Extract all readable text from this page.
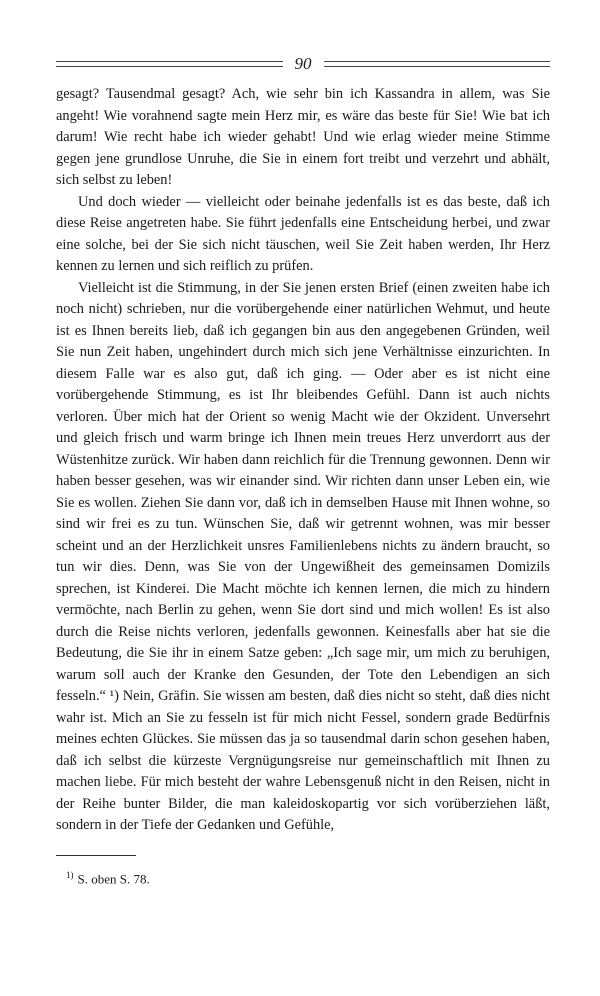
90

gesagt? Tausendmal gesagt? Ach, wie sehr bin ich Kassandra in allem, was Sie angeht! Wie vorahnend sagte mein Herz mir, es wäre das beste für Sie! Wie bat ich darum! Wie recht habe ich wieder gehabt! Und wie erlag wieder meine Stimme gegen jene grundlose Unruhe, die Sie in einem fort treibt und verzehrt und abhält, sich selbst zu leben!

Und doch wieder — vielleicht oder beinahe jedenfalls ist es das beste, daß ich diese Reise angetreten habe. Sie führt jedenfalls eine Entscheidung herbei, und zwar eine solche, bei der Sie sich nicht täuschen, weil Sie Zeit haben werden, Ihr Herz kennen zu lernen und sich reiflich zu prüfen.

Vielleicht ist die Stimmung, in der Sie jenen ersten Brief (einen zweiten habe ich noch nicht) schrieben, nur die vorübergehende einer natürlichen Wehmut, und heute ist es Ihnen bereits lieb, daß ich gegangen bin aus den angegebenen Gründen, weil Sie nun Zeit haben, ungehindert durch mich sich jene Verhältnisse einzurichten. In diesem Falle war es also gut, daß ich ging. — Oder aber es ist nicht eine vorübergehende Stimmung, es ist Ihr bleibendes Gefühl. Dann ist auch nichts verloren. Über mich hat der Orient so wenig Macht wie der Okzident. Unversehrt und gleich frisch und warm bringe ich Ihnen mein treues Herz unverdorrt aus der Wüstenhitze zurück. Wir haben dann reichlich für die Trennung gewonnen. Denn wir haben besser gesehen, was wir einander sind. Wir richten dann unser Leben ein, wie Sie es wollen. Ziehen Sie dann vor, daß ich in demselben Hause mit Ihnen wohne, so sind wir frei es zu tun. Wünschen Sie, daß wir getrennt wohnen, was mir besser scheint und an der Herzlichkeit unsres Familienlebens nichts zu ändern braucht, so tun wir dies. Denn, was Sie von der Ungewißheit des gemeinsamen Domizils sprechen, ist Kinderei. Die Macht möchte ich kennen lernen, die mich zu hindern vermöchte, nach Berlin zu gehen, wenn Sie dort sind und mich wollen! Es ist also durch die Reise nichts verloren, jedenfalls gewonnen. Keinesfalls aber hat sie die Bedeutung, die Sie ihr in einem Satze geben: „Ich sage mir, um mich zu beruhigen, warum soll auch der Kranke den Gesunden, der Tote den Lebendigen an sich fesseln.“ ¹) Nein, Gräfin. Sie wissen am besten, daß dies nicht so steht, daß dies nicht wahr ist. Mich an Sie zu fesseln ist für mich nicht Fessel, sondern grade Bedürfnis meines echten Glückes. Sie müssen das ja so tausendmal darin schon gesehen haben, daß ich selbst die kürzeste Vergnügungsreise nur gemeinschaftlich mit Ihnen zu machen liebe. Für mich besteht der wahre Lebensgenuß nicht in den Reisen, nicht in der Reihe bunter Bilder, die man kaleidoskopartig vor sich vorüberziehen läßt, sondern in der Tiefe der Gedanken und Gefühle,

$^{1)}$ S. oben S. 78.
